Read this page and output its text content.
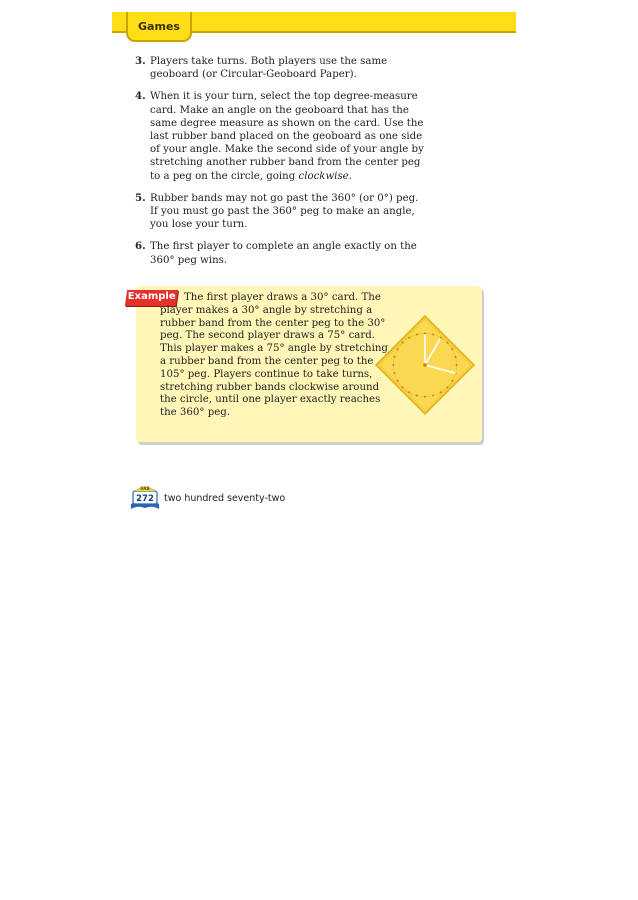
Games
3. Players take turns. Both players use the same geoboard (or Circular-Geoboard Paper).
4. When it is your turn, select the top degree-measure card. Make an angle on the geoboard that has the same degree measure as shown on the card. Use the last rubber band placed on the geoboard as one side of your angle. Make the second side of your angle by stretching another rubber band from the center peg to a peg on the circle, going clockwise.
5. Rubber bands may not go past the 360° (or 0°) peg. If you must go past the 360° peg to make an angle, you lose your turn.
6. The first player to complete an angle exactly on the 360° peg wins.
Example The first player draws a 30° card. The player makes a 30° angle by stretching a rubber band from the center peg to the 30° peg. The second player draws a 75° card. This player makes a 75° angle by stretching a rubber band from the center peg to the 105° peg. Players continue to take turns, stretching rubber bands clockwise around the circle, until one player exactly reaches the 360° peg.
SRB
272 two hundred seventy-two
